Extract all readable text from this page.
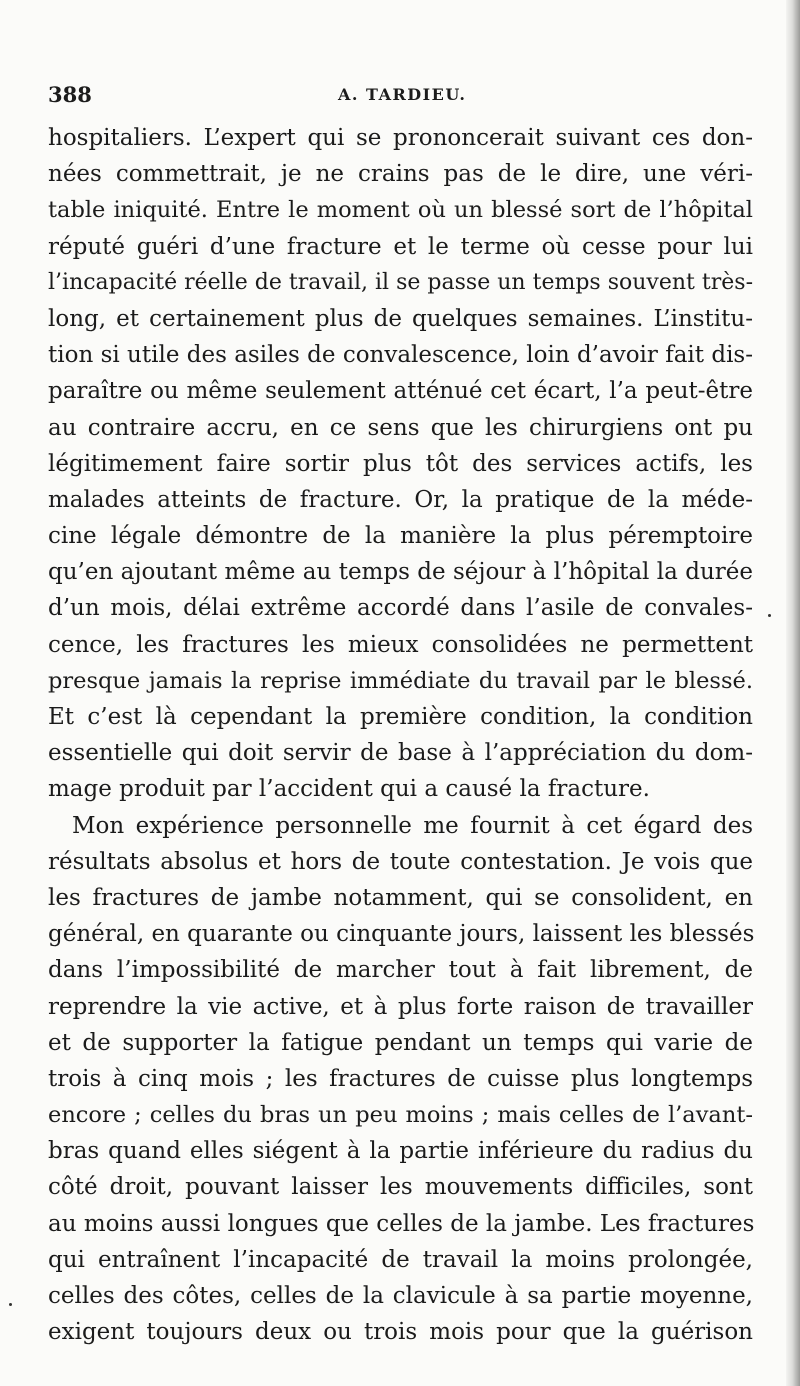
388	A. TARDIEU.
hospitaliers. L’expert qui se prononcerait suivant ces don-
nées commettrait, je ne crains pas de le dire, une véri-
table iniquité. Entre le moment où un blessé sort de l’hôpital
réputé guéri d’une fracture et le terme où cesse pour lui
l’incapacité réelle de travail, il se passe un temps souvent très-
long, et certainement plus de quelques semaines. L’institu-
tion si utile des asiles de convalescence, loin d’avoir fait dis-
paraître ou même seulement atténué cet écart, l’a peut-être
au contraire accru, en ce sens que les chirurgiens ont pu
légitimement faire sortir plus tôt des services actifs, les
malades atteints de fracture. Or, la pratique de la méde-
cine légale démontre de la manière la plus péremptoire
qu’en ajoutant même au temps de séjour à l’hôpital la durée
d’un mois, délai extrême accordé dans l’asile de convales-
cence, les fractures les mieux consolidées ne permettent
presque jamais la reprise immédiate du travail par le blessé.
Et c’est là cependant la première condition, la condition
essentielle qui doit servir de base à l’appréciation du dom-
mage produit par l’accident qui a causé la fracture.
Mon expérience personnelle me fournit à cet égard des
résultats absolus et hors de toute contestation. Je vois que
les fractures de jambe notamment, qui se consolident, en
général, en quarante ou cinquante jours, laissent les blessés
dans l’impossibilité de marcher tout à fait librement, de
reprendre la vie active, et à plus forte raison de travailler
et de supporter la fatigue pendant un temps qui varie de
trois à cinq mois ; les fractures de cuisse plus longtemps
encore ; celles du bras un peu moins ; mais celles de l’avant-
bras quand elles siégent à la partie inférieure du radius du
côté droit, pouvant laisser les mouvements difficiles, sont
au moins aussi longues que celles de la jambe. Les fractures
qui entraînent l’incapacité de travail la moins prolongée,
celles des côtes, celles de la clavicule à sa partie moyenne,
exigent toujours deux ou trois mois pour que la guérison
